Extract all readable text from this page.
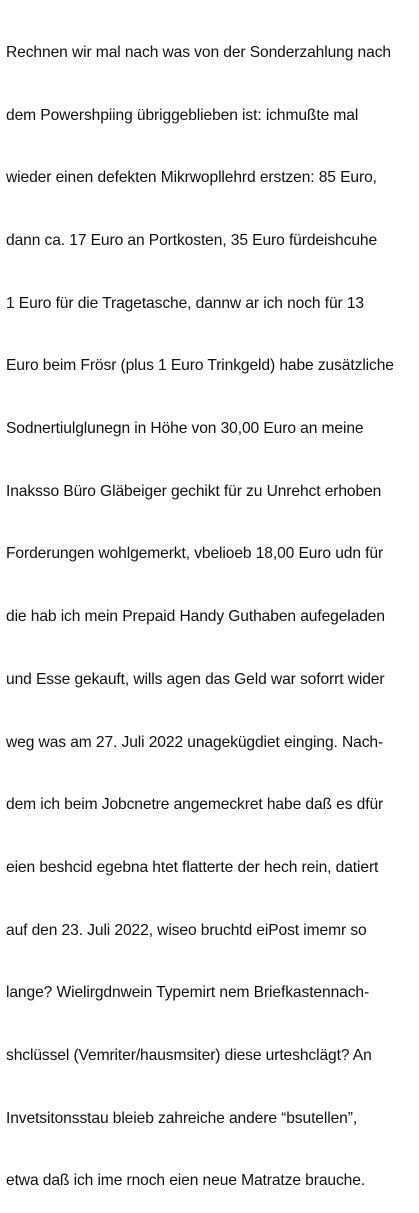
Rechnen wir mal nach was von der Sonderzahlung nach

dem Powershpiing übriggeblieben ist: ichmußte mal

wieder einen defekten Mikrwopllehrd erstzen: 85 Euro,

dann ca. 17 Euro an Portkosten, 35 Euro fürdeishcuhe

1 Euro für die Tragetasche, dannw ar ich noch für 13

Euro beim Frösr (plus 1 Euro Trinkgeld) habe zusätzliche

Sodnertiulglunegn in Höhe von 30,00 Euro an meine

Inaksso Büro Gläbeiger gechikt für zu Unrehct erhoben

Forderungen wohlgemerkt, vbelioeb 18,00 Euro udn für

die hab ich mein Prepaid Handy Guthaben aufegeladen

und Esse gekauft, wills agen das Geld war soforrt wider

weg was am 27. Juli 2022 unagekügdiet einging. Nach-

dem ich beim Jobcnetre angemeckret habe daß es dfür

eien beshcid egebna htet flatterte der hech rein, datiert

auf den 23. Juli 2022, wiseo bruchtd eiPost imemr so

lange? Wielirgdnwein Typemirt nem Briefkastennach-

shclüssel (Vemriter/hausmsiter) diese urteshclägt? An

Invetsitonsstau bleieb zahreiche andere “bsutellen”,

etwa daß ich ime rnoch eien neue Matratze brauche.
